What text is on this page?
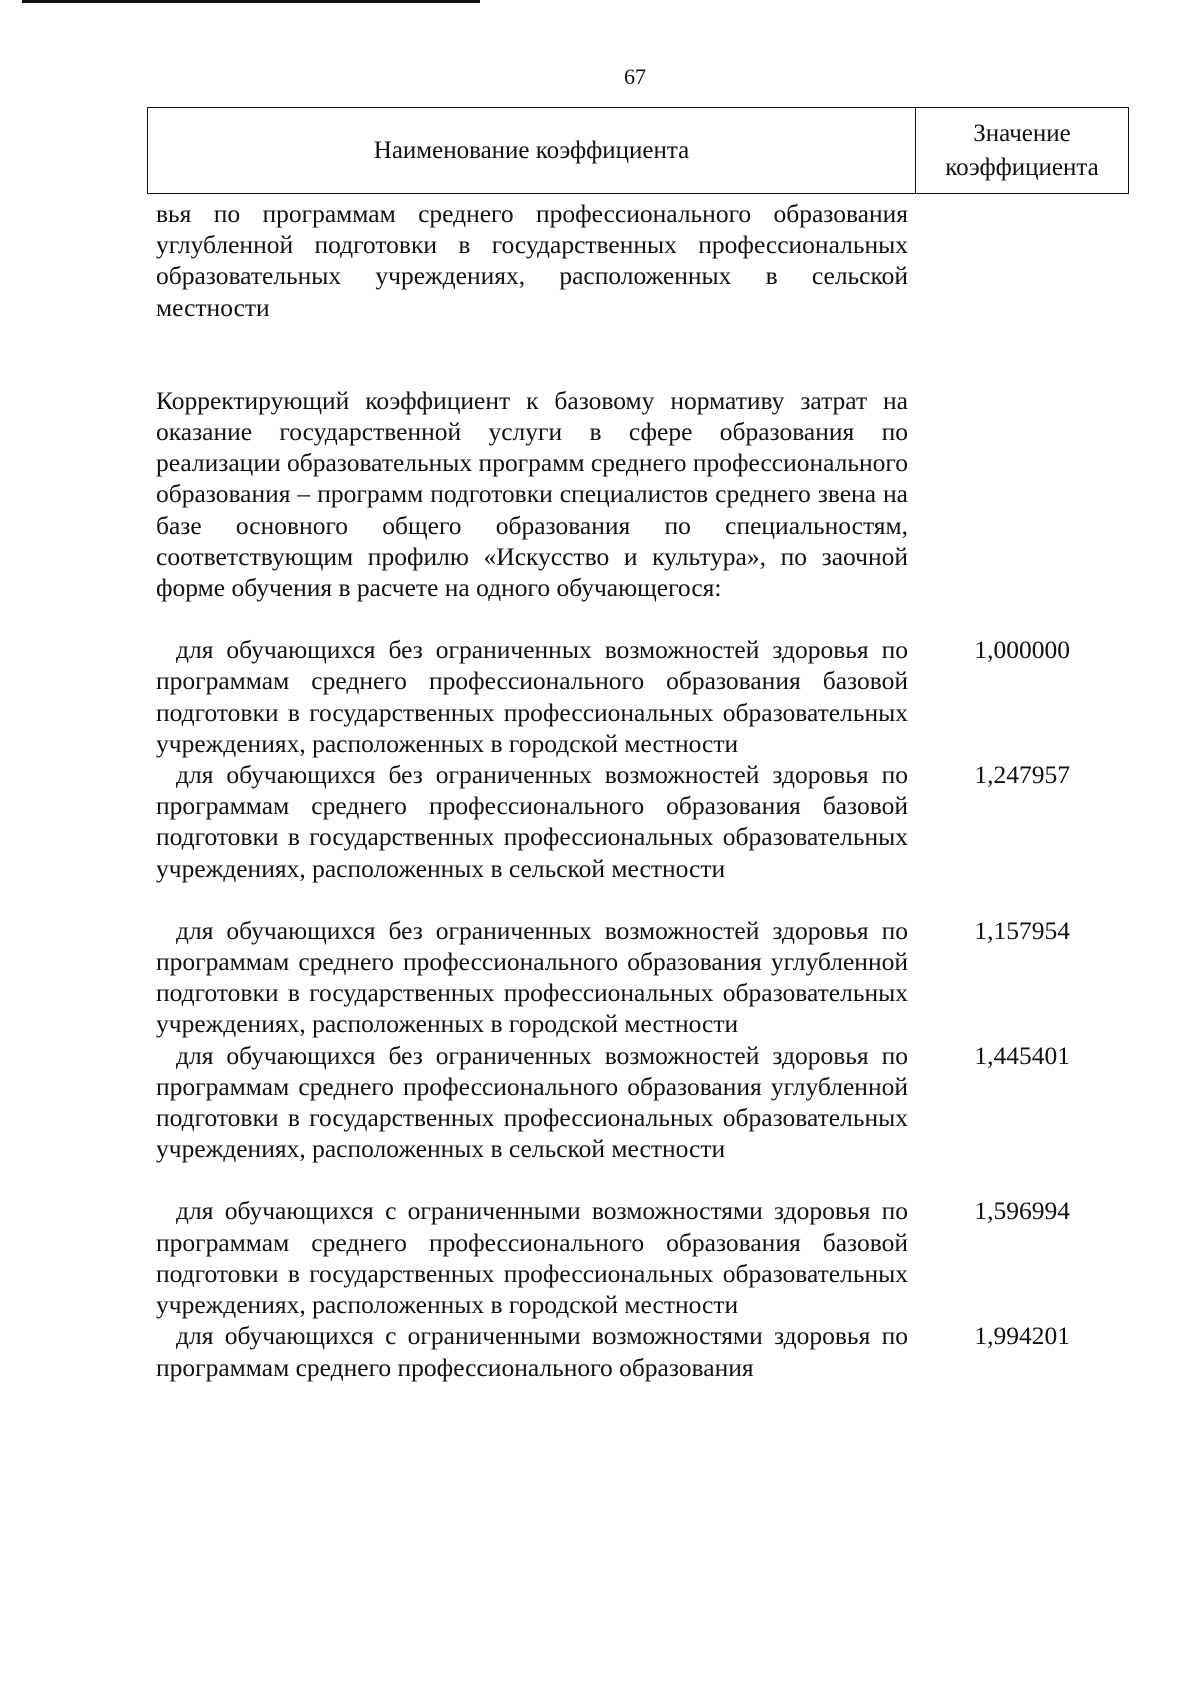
67
Наименование коэффициента
Значение
коэффициента
вья по программам среднего профессионального образования углубленной подготовки в государственных профессиональных образовательных учреждениях, расположенных в сельской местности
Корректирующий коэффициент к базовому нормативу затрат на оказание государственной услуги в сфере образования по реализации образовательных программ среднего профессионального образования – программ подготовки специалистов среднего звена на базе основного общего образования по специальностям, соответствующим профилю «Искусство и культура», по заочной форме обучения в расчете на одного обучающегося:
для обучающихся без ограниченных возможностей здоровья по программам среднего профессионального образования базовой подготовки в государственных профессиональных образовательных учреждениях, расположенных в городской местности
1,000000
для обучающихся без ограниченных возможностей здоровья по программам среднего профессионального образования базовой подготовки в государственных профессиональных образовательных учреждениях, расположенных в сельской местности
1,247957
для обучающихся без ограниченных возможностей здоровья по программам среднего профессионального образования углубленной подготовки в государственных профессиональных образовательных учреждениях, расположенных в городской местности
1,157954
для обучающихся без ограниченных возможностей здоровья по программам среднего профессионального образования углубленной подготовки в государственных профессиональных образовательных учреждениях, расположенных в сельской местности
1,445401
для обучающихся с ограниченными возможностями здоровья по программам среднего профессионального образования базовой подготовки в государственных профессиональных образовательных учреждениях, расположенных в городской местности
1,596994
для обучающихся с ограниченными возможностями здоровья по программам среднего профессионального образования
1,994201
